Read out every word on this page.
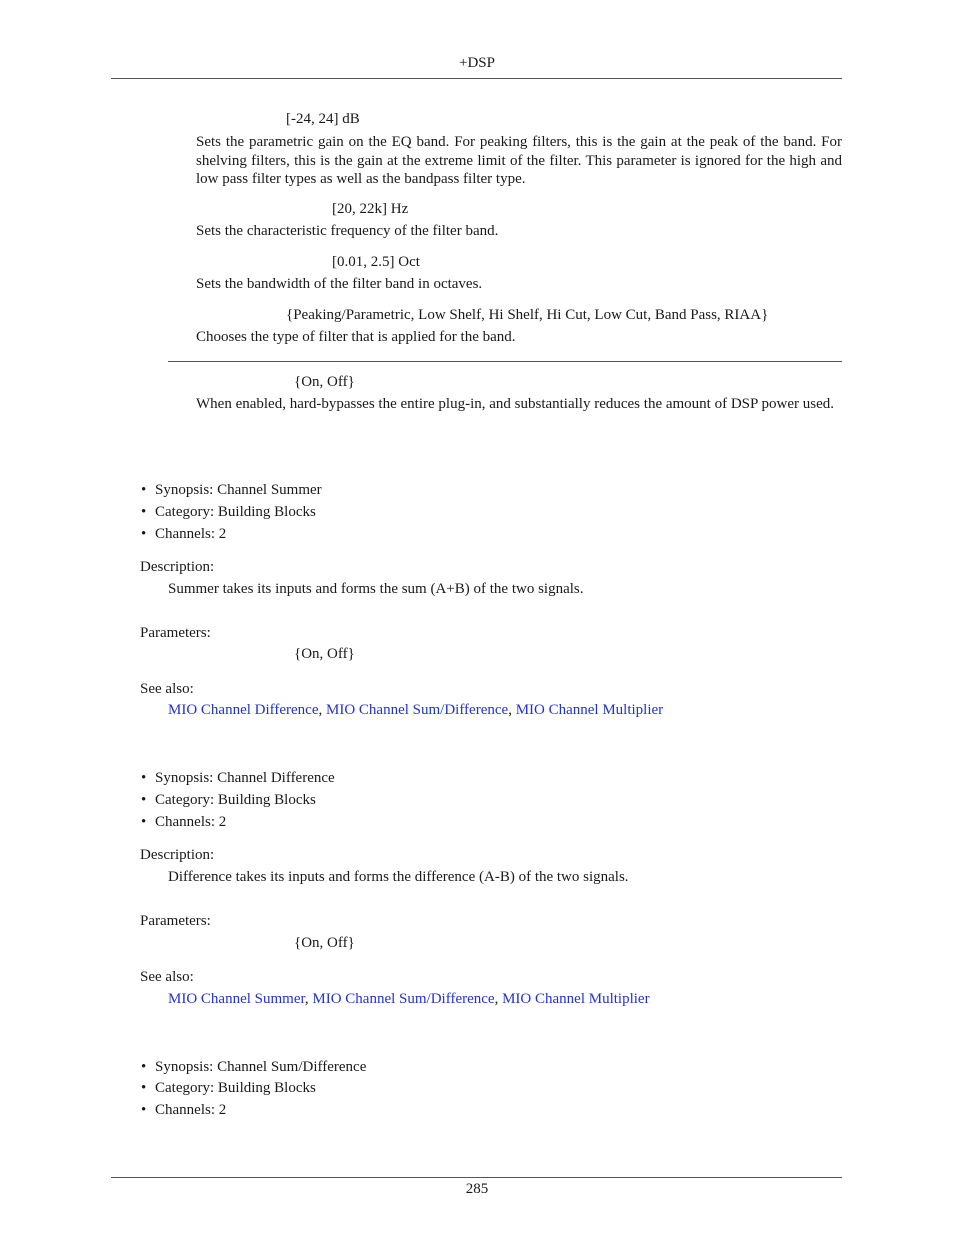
+DSP
[-24, 24] dB
Sets the parametric gain on the EQ band. For peaking filters, this is the gain at the peak of the band. For shelving filters, this is the gain at the extreme limit of the filter. This parameter is ignored for the high and low pass filter types as well as the bandpass filter type.
[20, 22k] Hz
Sets the characteristic frequency of the filter band.
[0.01, 2.5] Oct
Sets the bandwidth of the filter band in octaves.
{Peaking/Parametric, Low Shelf, Hi Shelf, Hi Cut, Low Cut, Band Pass, RIAA}
Chooses the type of filter that is applied for the band.
{On, Off}
When enabled, hard-bypasses the entire plug-in, and substantially reduces the amount of DSP power used.
• Synopsis: Channel Summer
• Category: Building Blocks
• Channels: 2
Description:
Summer takes its inputs and forms the sum (A+B) of the two signals.
Parameters:
{On, Off}
See also:
MIO Channel Difference, MIO Channel Sum/Difference, MIO Channel Multiplier
• Synopsis: Channel Difference
• Category: Building Blocks
• Channels: 2
Description:
Difference takes its inputs and forms the difference (A-B) of the two signals.
Parameters:
{On, Off}
See also:
MIO Channel Summer, MIO Channel Sum/Difference, MIO Channel Multiplier
• Synopsis: Channel Sum/Difference
• Category: Building Blocks
• Channels: 2
285
